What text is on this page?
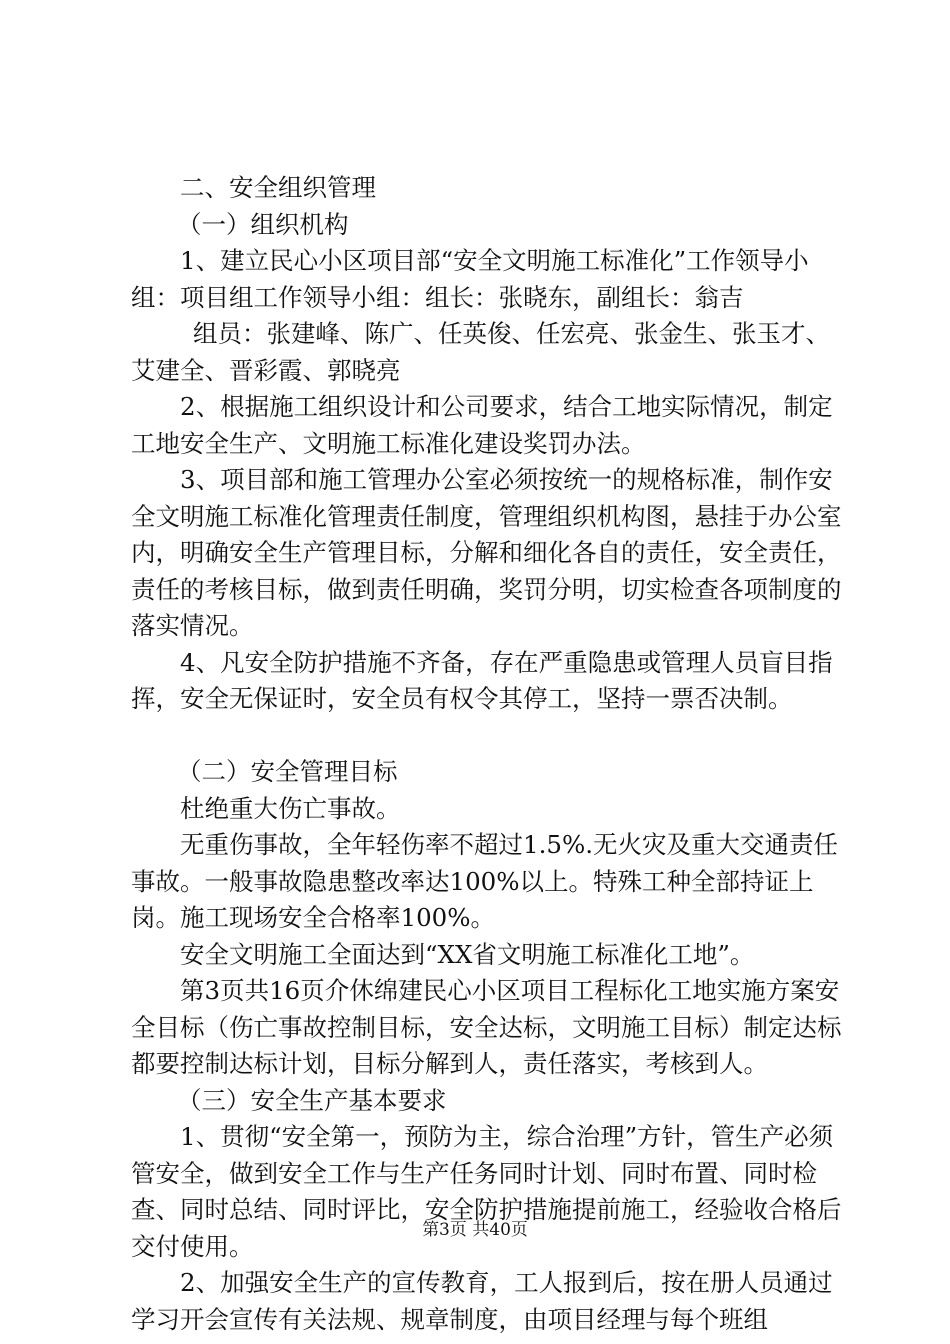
二、安全组织管理

（一）组织机构

1、建立民心小区项目部“安全文明施工标准化”工作领导小组：项目组工作领导小组：组长：张晓东，副组长：翁吉

组员：张建峰、陈广、任英俊、任宏亮、张金生、张玉才、艾建全、晋彩霞、郭晓亮

2、根据施工组织设计和公司要求，结合工地实际情况，制定工地安全生产、文明施工标准化建设奖罚办法。

3、项目部和施工管理办公室必须按统一的规格标准，制作安全文明施工标准化管理责任制度，管理组织机构图，悬挂于办公室内，明确安全生产管理目标，分解和细化各自的责任，安全责任，责任的考核目标，做到责任明确，奖罚分明，切实检查各项制度的落实情况。

4、凡安全防护措施不齐备，存在严重隐患或管理人员盲目指挥，安全无保证时，安全员有权令其停工，坚持一票否决制。

（二）安全管理目标

杜绝重大伤亡事故。

无重伤事故，全年轻伤率不超过1.5%.无火灾及重大交通责任事故。一般事故隐患整改率达100%以上。特殊工种全部持证上岗。施工现场安全合格率100%。

安全文明施工全面达到“XX省文明施工标准化工地”。

第3页共16页介休绵建民心小区项目工程标化工地实施方案安全目标（伤亡事故控制目标，安全达标，文明施工目标）制定达标都要控制达标计划，目标分解到人，责任落实，考核到人。

（三）安全生产基本要求

1、贯彻“安全第一，预防为主，综合治理”方针，管生产必须管安全，做到安全工作与生产任务同时计划、同时布置、同时检查、同时总结、同时评比，安全防护措施提前施工，经验收合格后交付使用。

2、加强安全生产的宣传教育，工人报到后，按在册人员通过学习开会宣传有关法规、规章制度，由项目经理与每个班组

第3页 共40页
